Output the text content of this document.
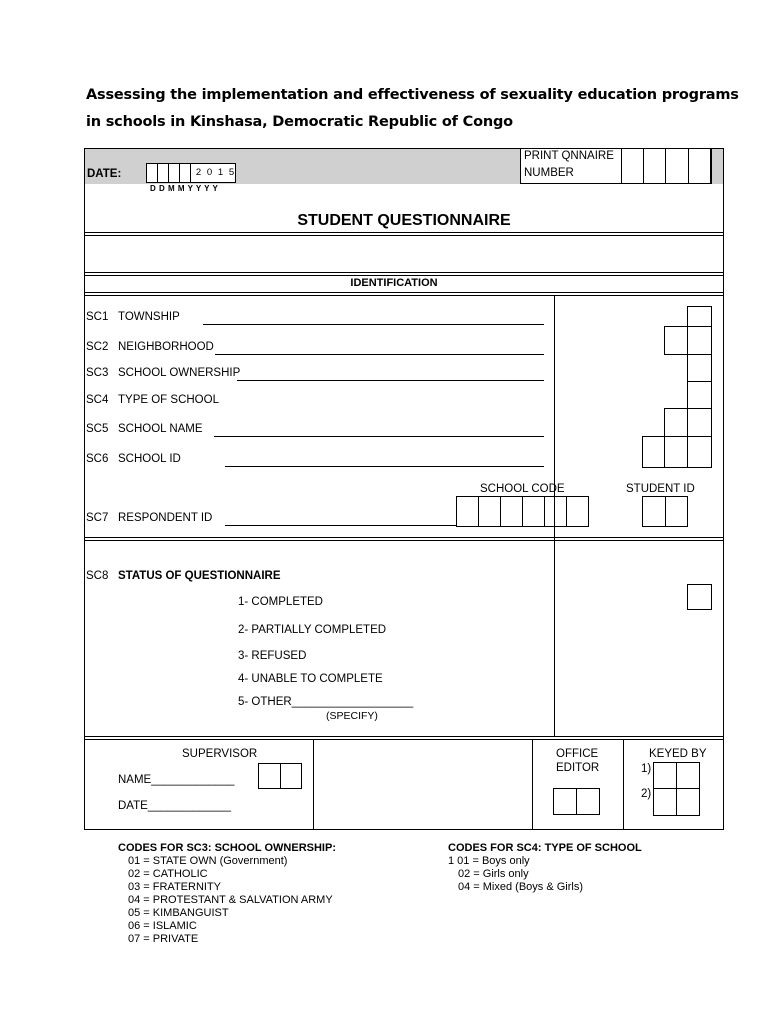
Assessing the implementation and effectiveness of sexuality education programs
in schools in Kinshasa, Democratic Republic of Congo
DATE:	2 0 1 5
D D M M Y Y Y Y
PRINT QNNAIRE
NUMBER
STUDENT QUESTIONNAIRE
IDENTIFICATION
SC1 TOWNSHIP
SC2 NEIGHBORHOOD
SC3 SCHOOL OWNERSHIP
SC4 TYPE OF SCHOOL
SC5 SCHOOL NAME
SC6 SCHOOL ID
SCHOOL CODE	STUDENT ID
SC7 RESPONDENT ID
SC8 STATUS OF QUESTIONNAIRE
1- COMPLETED
2- PARTIALLY COMPLETED
3- REFUSED
4- UNABLE TO COMPLETE
5- OTHER___________________
(SPECIFY)
SUPERVISOR
NAME_____________
DATE_____________
OFFICE
EDITOR
KEYED BY
1)
2)
CODES FOR SC3: SCHOOL OWNERSHIP:
01 = STATE OWN (Government)
02 = CATHOLIC
03 = FRATERNITY
04 = PROTESTANT & SALVATION ARMY
05 = KIMBANGUIST
06 = ISLAMIC
07 = PRIVATE
CODES FOR SC4: TYPE OF SCHOOL
1 01 = Boys only
02 = Girls only
04 = Mixed (Boys & Girls)
